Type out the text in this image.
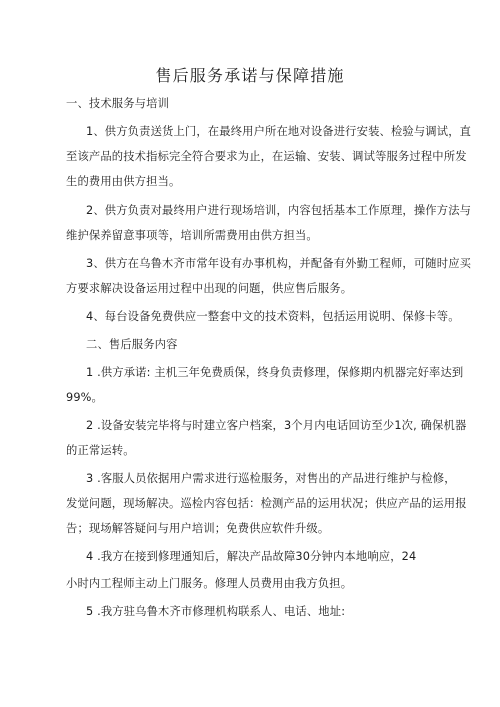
售后服务承诺与保障措施
一、技术服务与培训
1、供方负责送货上门，在最终用户所在地对设备进行安装、检验与调试，直
至该产品的技术指标完全符合要求为止，在运输、安装、调试等服务过程中所发
生的费用由供方担当。
2、供方负责对最终用户进行现场培训，内容包括基本工作原理，操作方法与
维护保养留意事项等，培训所需费用由供方担当。
3、供方在乌鲁木齐市常年设有办事机构，并配备有外勤工程师，可随时应买
方要求解决设备运用过程中出现的问题，供应售后服务。
4、每台设备免费供应一整套中文的技术资料，包括运用说明、保修卡等。
二、售后服务内容
1 .供方承诺: 主机三年免费质保，终身负责修理，保修期内机器完好率达到
99%。
2 .设备安装完毕将与时建立客户档案，3个月内电话回访至少1次, 确保机器
的正常运转。
3 .客服人员依据用户需求进行巡检服务，对售出的产品进行维护与检修，
发觉问题，现场解决。巡检内容包括：检测产品的运用状况；供应产品的运用报
告；现场解答疑问与用户培训；免费供应软件升级。
4 .我方在接到修理通知后，解决产品故障30分钟内本地响应，24
小时内工程师主动上门服务。修理人员费用由我方负担。
5 .我方驻乌鲁木齐市修理机构联系人、电话、地址:
